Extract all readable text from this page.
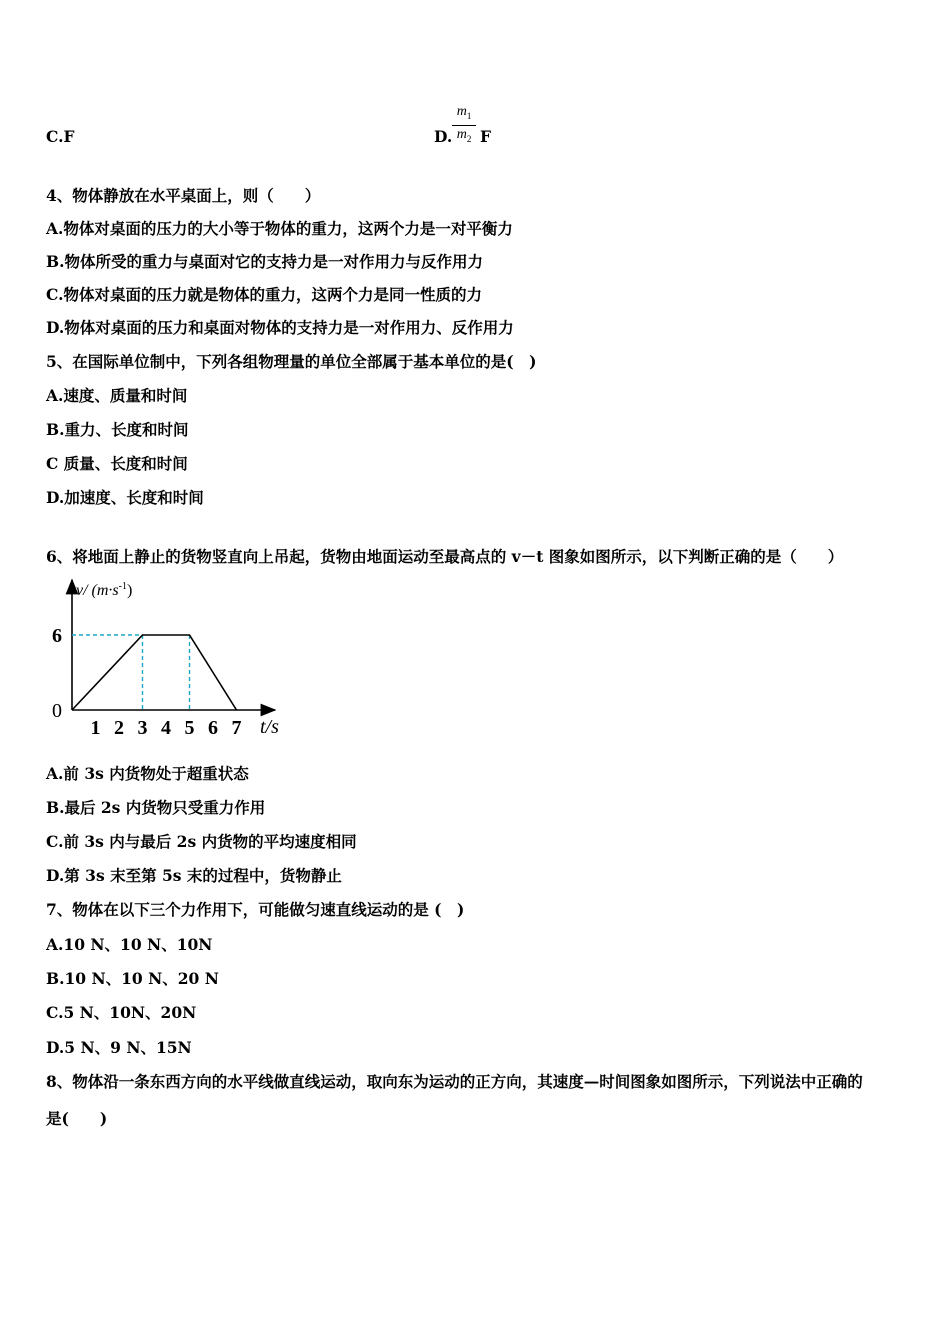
C.F	D. $\frac{m_1}{m_2}$ F
4、物体静放在水平桌面上，则（　　）
A.物体对桌面的压力的大小等于物体的重力，这两个力是一对平衡力
B.物体所受的重力与桌面对它的支持力是一对作用力与反作用力
C.物体对桌面的压力就是物体的重力，这两个力是同一性质的力
D.物体对桌面的压力和桌面对物体的支持力是一对作用力、反作用力
5、在国际单位制中，下列各组物理量的单位全部属于基本单位的是(　)
A.速度、质量和时间
B.重力、长度和时间
C 质量、长度和时间
D.加速度、长度和时间
6、将地面上静止的货物竖直向上吊起，货物由地面运动至最高点的 v－t 图象如图所示，以下判断正确的是（　　）
v/ $(m\cdot s^{-1})$
t/s
0
1 2 3 4 5 6 7
6
A.前 3s 内货物处于超重状态
B.最后 2s 内货物只受重力作用
C.前 3s 内与最后 2s 内货物的平均速度相同
D.第 3s 末至第 5s 末的过程中，货物静止
7、物体在以下三个力作用下，可能做匀速直线运动的是 (　)
A.10 N、10 N、10N
B.10 N、10 N、20 N
C.5 N、10N、20N
D.5 N、9 N、15N
8、物体沿一条东西方向的水平线做直线运动，取向东为运动的正方向，其速度—时间图象如图所示，下列说法中正确的
是(　　)
